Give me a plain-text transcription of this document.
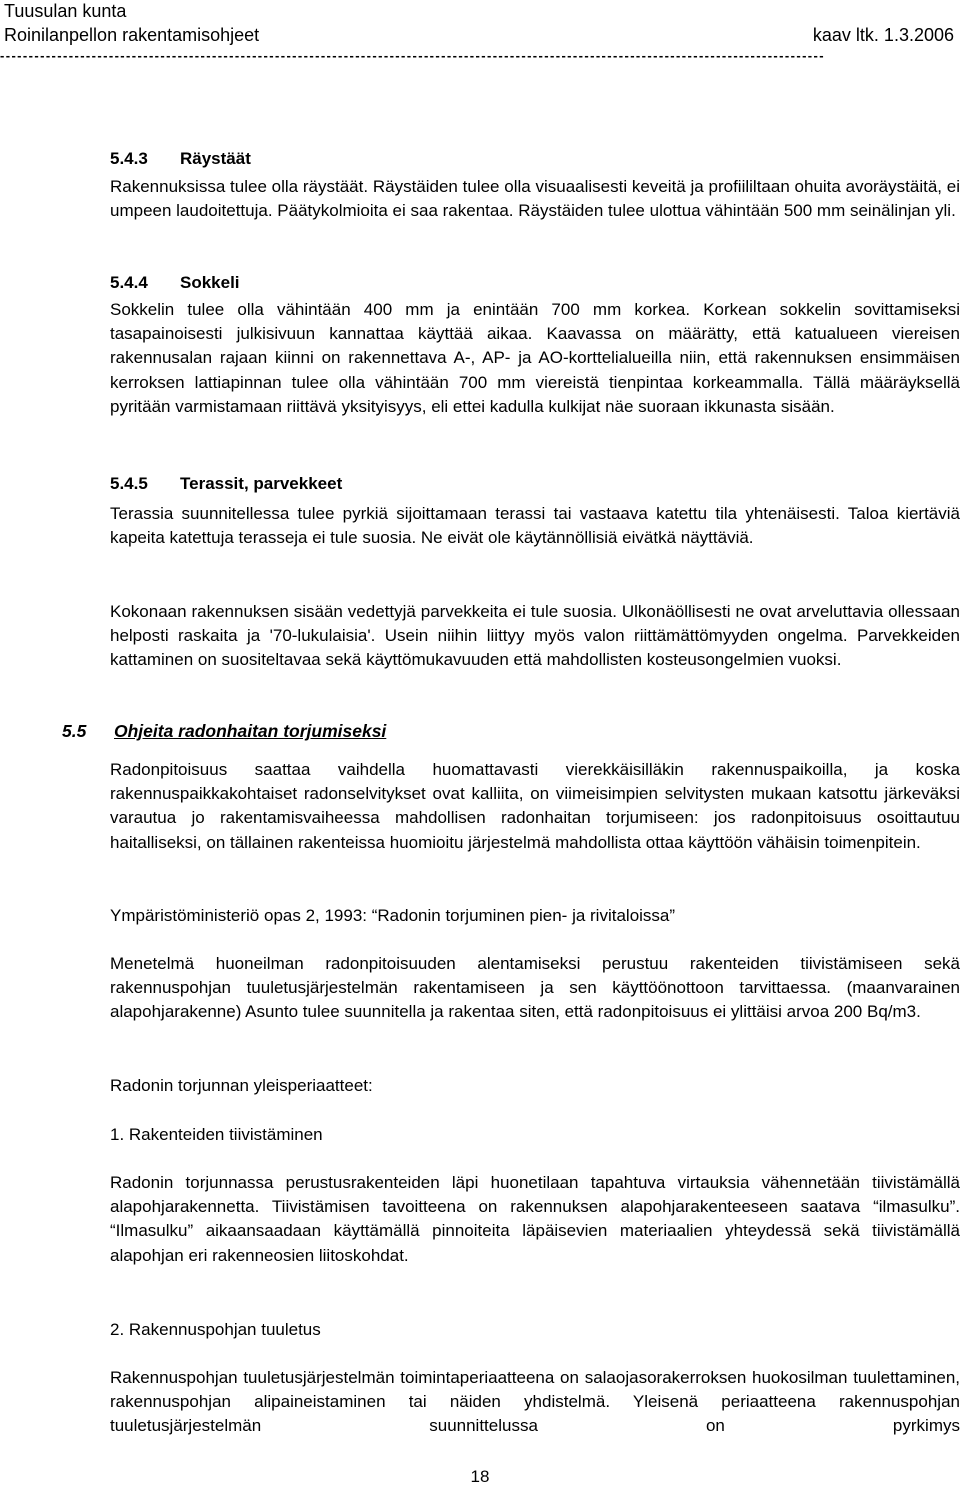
Tuusulan kunta
Roinilanpellon rakentamisohjeet	kaav ltk. 1.3.2006
------------------------------------------------------------------------------------------------------------------------------------------------
5.4.3 Räystäät

Rakennuksissa tulee olla räystäät. Räystäiden tulee olla visuaalisesti keveitä ja profiililtaan ohuita avoräystäitä, ei umpeen laudoitettuja. Päätykolmioita ei saa rakentaa. Räystäiden tulee ulottua vähintään 500 mm seinälinjan yli.

5.4.4 Sokkeli

Sokkelin tulee olla vähintään 400 mm ja enintään 700 mm korkea. Korkean sokkelin sovittamiseksi tasapainoisesti julkisivuun kannattaa käyttää aikaa. Kaavassa on määrätty, että katualueen viereisen rakennusalan rajaan kiinni on rakennettava A-, AP- ja AO-korttelialueilla niin, että rakennuksen ensimmäisen kerroksen lattiapinnan tulee olla vähintään 700 mm viereistä tienpintaa korkeammalla. Tällä määräyksellä pyritään varmistamaan riittävä yksityisyys, eli ettei kadulla kulkijat näe suoraan ikkunasta sisään.

5.4.5 Terassit, parvekkeet

Terassia suunnitellessa tulee pyrkiä sijoittamaan terassi tai vastaava katettu tila yhtenäisesti. Taloa kiertäviä kapeita katettuja terasseja ei tule suosia. Ne eivät ole käytännöllisiä eivätkä näyttäviä.

Kokonaan rakennuksen sisään vedettyjä parvekkeita ei tule suosia. Ulkonäöllisesti ne ovat arveluttavia ollessaan helposti raskaita ja '70-lukulaisia'. Usein niihin liittyy myös valon riittämättömyyden ongelma. Parvekkeiden kattaminen on suositeltavaa sekä käyttömukavuuden että mahdollisten kosteusongelmien vuoksi.

5.5 Ohjeita radonhaitan torjumiseksi

Radonpitoisuus saattaa vaihdella huomattavasti vierekkäisilläkin rakennuspaikoilla, ja koska rakennuspaikkakohtaiset radonselvitykset ovat kalliita, on viimeisimpien selvitysten mukaan katsottu järkeväksi varautua jo rakentamisvaiheessa mahdollisen radonhaitan torjumiseen: jos radonpitoisuus osoittautuu haitalliseksi, on tällainen rakenteissa huomioitu järjestelmä mahdollista ottaa käyttöön vähäisin toimenpitein.

Ympäristöministeriö opas 2, 1993: “Radonin torjuminen pien- ja rivitaloissa”

Menetelmä huoneilman radonpitoisuuden alentamiseksi perustuu rakenteiden tiivistämiseen sekä rakennuspohjan tuuletusjärjestelmän rakentamiseen ja sen käyttöönottoon tarvittaessa. (maanvarainen alapohjarakenne) Asunto tulee suunnitella ja rakentaa siten, että radonpitoisuus ei ylittäisi arvoa 200 Bq/m3.

Radonin torjunnan yleisperiaatteet:
1. Rakenteiden tiivistäminen

Radonin torjunnassa perustusrakenteiden läpi huonetilaan tapahtuva virtauksia vähennetään tiivistämällä alapohjarakennetta. Tiivistämisen tavoitteena on rakennuksen alapohjarakenteeseen saatava “ilmasulku”. “Ilmasulku” aikaansaadaan käyttämällä pinnoiteita läpäisevien materiaalien yhteydessä sekä tiivistämällä alapohjan eri rakenneosien liitoskohdat.

2. Rakennuspohjan tuuletus

Rakennuspohjan tuuletusjärjestelmän toimintaperiaatteena on salaojasorakerroksen huokosilman tuulettaminen, rakennuspohjan alipaineistaminen tai näiden yhdistelmä. Yleisenä periaatteena rakennuspohjan tuuletusjärjestelmän suunnittelussa on pyrkimys

18
